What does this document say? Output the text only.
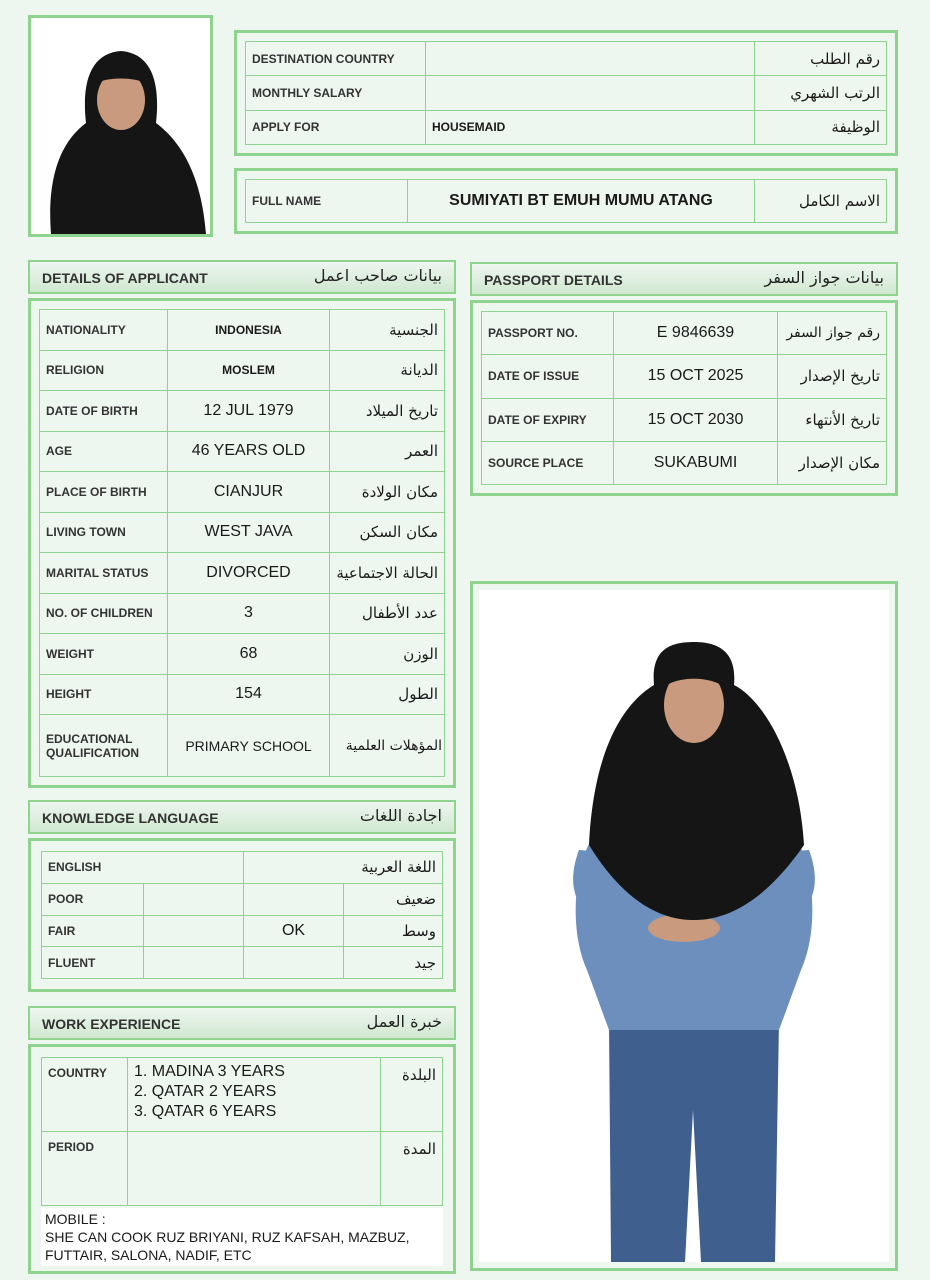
DESTINATION COUNTRY		رقم الطلب
MONTHLY SALARY		الرتب الشهري
APPLY FOR	HOUSEMAID	الوظيفة
FULL NAME	SUMIYATI BT EMUH MUMU ATANG	الاسم الكامل
DETAILS OF APPLICANT	بيانات صاحب اعمل
NATIONALITY	INDONESIA	الجنسية
RELIGION	MOSLEM	الديانة
DATE OF BIRTH	12 JUL 1979	تاريخ الميلاد
AGE	46 YEARS OLD	العمر
PLACE OF BIRTH	CIANJUR	مكان الولادة
LIVING TOWN	WEST JAVA	مكان السكن
MARITAL STATUS	DIVORCED	الحالة الاجتماعية
NO. OF CHILDREN	3	عدد الأطفال
WEIGHT	68	الوزن
HEIGHT	154	الطول
EDUCATIONAL QUALIFICATION	PRIMARY SCHOOL	المؤهلات العلمية
PASSPORT DETAILS	بيانات جواز السفر
PASSPORT NO.	E 9846639	رقم جواز السفر
DATE OF ISSUE	15 OCT 2025	تاريخ الإصدار
DATE OF EXPIRY	15 OCT 2030	تاريخ الأنتهاء
SOURCE PLACE	SUKABUMI	مكان الإصدار
KNOWLEDGE LANGUAGE	اجادة اللغات
ENGLISH		اللغة العربية	
POOR			ضعيف
FAIR		OK	وسط
FLUENT			جيد
WORK EXPERIENCE	خبرة العمل
COUNTRY	1. MADINA 3 YEARS
2. QATAR 2 YEARS
3. QATAR 6 YEARS	البلدة
PERIOD		المدة
MOBILE :
SHE CAN COOK RUZ BRIYANI, RUZ KAFSAH, MAZBUZ, FUTTAIR, SALONA, NADIF, ETC
